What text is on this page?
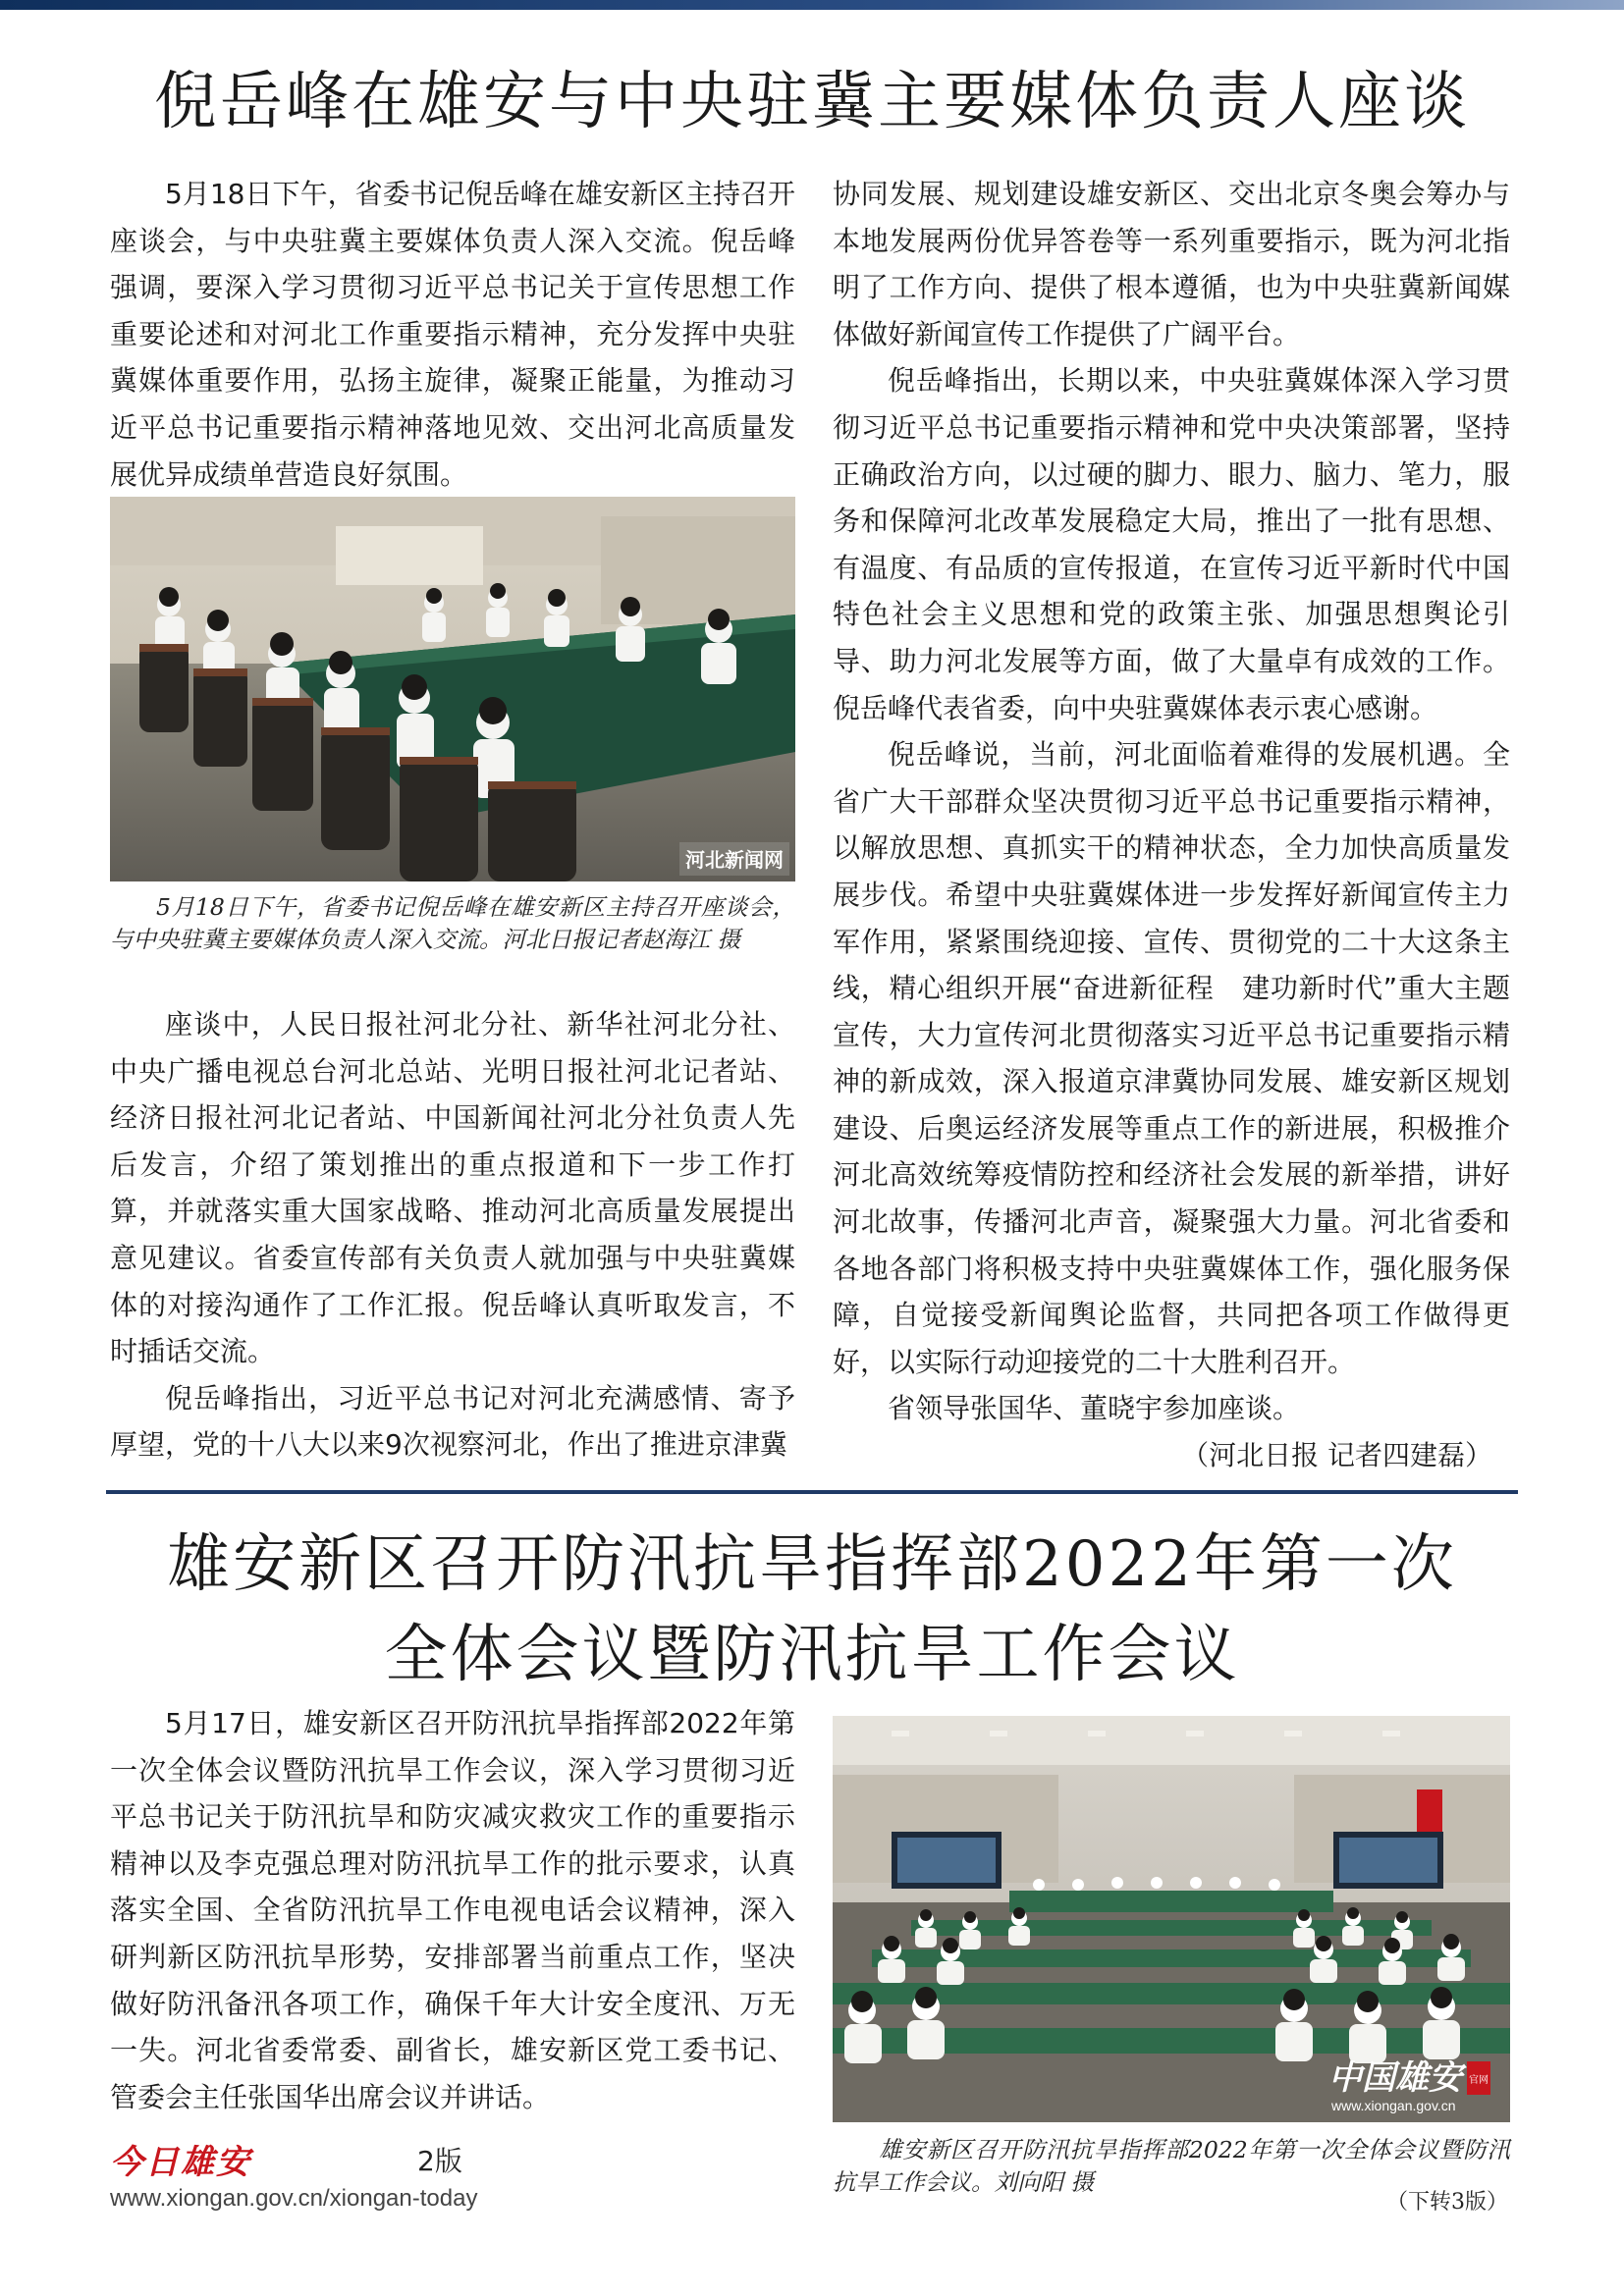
倪岳峰在雄安与中央驻冀主要媒体负责人座谈

5月18日下午，省委书记倪岳峰在雄安新区主持召开座谈会，与中央驻冀主要媒体负责人深入交流。倪岳峰强调，要深入学习贯彻习近平总书记关于宣传思想工作重要论述和对河北工作重要指示精神，充分发挥中央驻冀媒体重要作用，弘扬主旋律，凝聚正能量，为推动习近平总书记重要指示精神落地见效、交出河北高质量发展优异成绩单营造良好氛围。

河北新闻网
5月18日下午，省委书记倪岳峰在雄安新区主持召开座谈会，与中央驻冀主要媒体负责人深入交流。河北日报记者赵海江 摄

座谈中，人民日报社河北分社、新华社河北分社、中央广播电视总台河北总站、光明日报社河北记者站、经济日报社河北记者站、中国新闻社河北分社负责人先后发言，介绍了策划推出的重点报道和下一步工作打算，并就落实重大国家战略、推动河北高质量发展提出意见建议。省委宣传部有关负责人就加强与中央驻冀媒体的对接沟通作了工作汇报。倪岳峰认真听取发言，不时插话交流。

倪岳峰指出，习近平总书记对河北充满感情、寄予厚望，党的十八大以来9次视察河北，作出了推进京津冀

协同发展、规划建设雄安新区、交出北京冬奥会筹办与本地发展两份优异答卷等一系列重要指示，既为河北指明了工作方向、提供了根本遵循，也为中央驻冀新闻媒体做好新闻宣传工作提供了广阔平台。

倪岳峰指出，长期以来，中央驻冀媒体深入学习贯彻习近平总书记重要指示精神和党中央决策部署，坚持正确政治方向，以过硬的脚力、眼力、脑力、笔力，服务和保障河北改革发展稳定大局，推出了一批有思想、有温度、有品质的宣传报道，在宣传习近平新时代中国特色社会主义思想和党的政策主张、加强思想舆论引导、助力河北发展等方面，做了大量卓有成效的工作。倪岳峰代表省委，向中央驻冀媒体表示衷心感谢。

倪岳峰说，当前，河北面临着难得的发展机遇。全省广大干部群众坚决贯彻习近平总书记重要指示精神，以解放思想、真抓实干的精神状态，全力加快高质量发展步伐。希望中央驻冀媒体进一步发挥好新闻宣传主力军作用，紧紧围绕迎接、宣传、贯彻党的二十大这条主线，精心组织开展“奋进新征程　建功新时代”重大主题宣传，大力宣传河北贯彻落实习近平总书记重要指示精神的新成效，深入报道京津冀协同发展、雄安新区规划建设、后奥运经济发展等重点工作的新进展，积极推介河北高效统筹疫情防控和经济社会发展的新举措，讲好河北故事，传播河北声音，凝聚强大力量。河北省委和各地各部门将积极支持中央驻冀媒体工作，强化服务保障，自觉接受新闻舆论监督，共同把各项工作做得更好，以实际行动迎接党的二十大胜利召开。

省领导张国华、董晓宇参加座谈。

（河北日报 记者四建磊）

雄安新区召开防汛抗旱指挥部2022年第一次
全体会议暨防汛抗旱工作会议

5月17日，雄安新区召开防汛抗旱指挥部2022年第一次全体会议暨防汛抗旱工作会议，深入学习贯彻习近平总书记关于防汛抗旱和防灾减灾救灾工作的重要指示精神以及李克强总理对防汛抗旱工作的批示要求，认真落实全国、全省防汛抗旱工作电视电话会议精神，深入研判新区防汛抗旱形势，安排部署当前重点工作，坚决做好防汛备汛各项工作，确保千年大计安全度汛、万无一失。河北省委常委、副省长，雄安新区党工委书记、管委会主任张国华出席会议并讲话。	中国雄安 官网
www.xiongan.gov.cn
雄安新区召开防汛抗旱指挥部2022年第一次全体会议暨防汛抗旱工作会议。刘向阳 摄
（下转3版）
今日雄安	2版
www.xiongan.gov.cn/xiongan-today
